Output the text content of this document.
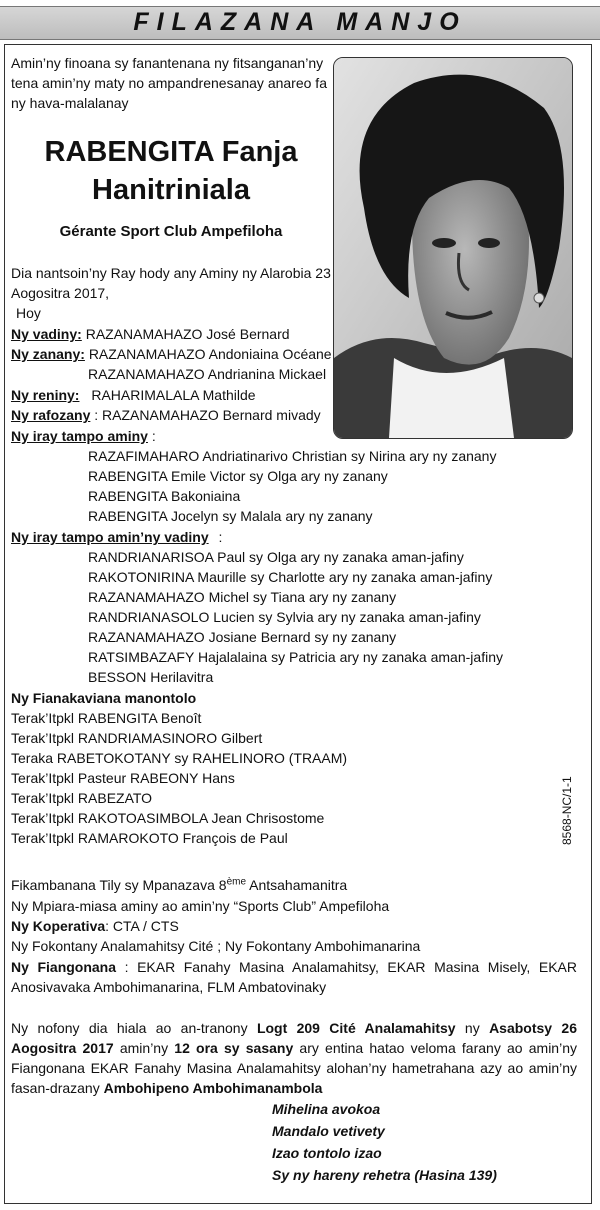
FILAZANA MANJO
Amin’ny finoana sy fanantenana ny fitsanganan’ny tena amin’ny maty no ampandrenesanay anareo fa ny hava-malalanay
RABENGITA Fanja
Hanitriniala
Gérante Sport Club Ampefiloha
Dia nantsoin’ny Ray hody any Aminy ny Alarobia 23
Aogositra 2017,
Hoy
Ny vadiny: RAZANAMAHAZO José Bernard
Ny zanany: RAZANAMAHAZO Andoniaina Océane
RAZANAMAHAZO Andrianina Mickael
Ny reniny: RAHARIMALALA Mathilde
Ny rafozany : RAZANAMAHAZO Bernard mivady
Ny iray tampo aminy :
RAZAFIMAHARO Andriatinarivo Christian sy Nirina ary ny zanany
RABENGITA Emile Victor sy Olga ary ny zanany
RABENGITA Bakoniaina
RABENGITA Jocelyn sy Malala ary ny zanany
Ny iray tampo amin’ny vadiny :
RANDRIANARISOA Paul sy Olga ary ny zanaka aman-jafiny
RAKOTONIRINA Maurille sy Charlotte ary ny zanaka aman-jafiny
RAZANAMAHAZO Michel sy Tiana ary ny zanany
RANDRIANASOLO Lucien sy Sylvia ary ny zanaka aman-jafiny
RAZANAMAHAZO Josiane Bernard sy ny zanany
RATSIMBAZAFY Hajalalaina sy Patricia ary ny zanaka aman-jafiny
BESSON Herilavitra
Ny Fianakaviana manontolo
Terak’Itpkl RABENGITA Benoît
Terak’Itpkl RANDRIAMASINORO Gilbert
Teraka RABETOKOTANY sy RAHELINORO (TRAAM)
Terak’Itpkl Pasteur RABEONY Hans
Terak’Itpkl RABEZATO
Terak’Itpkl RAKOTOASIMBOLA Jean Chrisostome
Terak’Itpkl RAMAROKOTO François de Paul	8568-NC/1-1
Fikambanana Tily sy Mpanazava 8ème Antsahamanitra
Ny Mpiara-miasa aminy ao amin’ny “Sports Club” Ampefiloha
Ny Koperativa: CTA / CTS
Ny Fokontany Analamahitsy Cité ; Ny Fokontany Ambohimanarina
Ny Fiangonana : EKAR Fanahy Masina Analamahitsy, EKAR Masina Misely, EKAR Anosivavaka Ambohimanarina, FLM Ambatovinaky
Ny nofony dia hiala ao an-tranony Logt 209 Cité Analamahitsy ny Asabotsy 26 Aogositra 2017 amin’ny 12 ora sy sasany ary entina hatao veloma farany ao amin’ny Fiangonana EKAR Fanahy Masina Analamahitsy alohan’ny hametrahana azy ao amin’ny fasan-drazany Ambohipeno Ambohimanambola
Mihelina avokoa
Mandalo vetivety
Izao tontolo izao
Sy ny hareny rehetra (Hasina 139)
